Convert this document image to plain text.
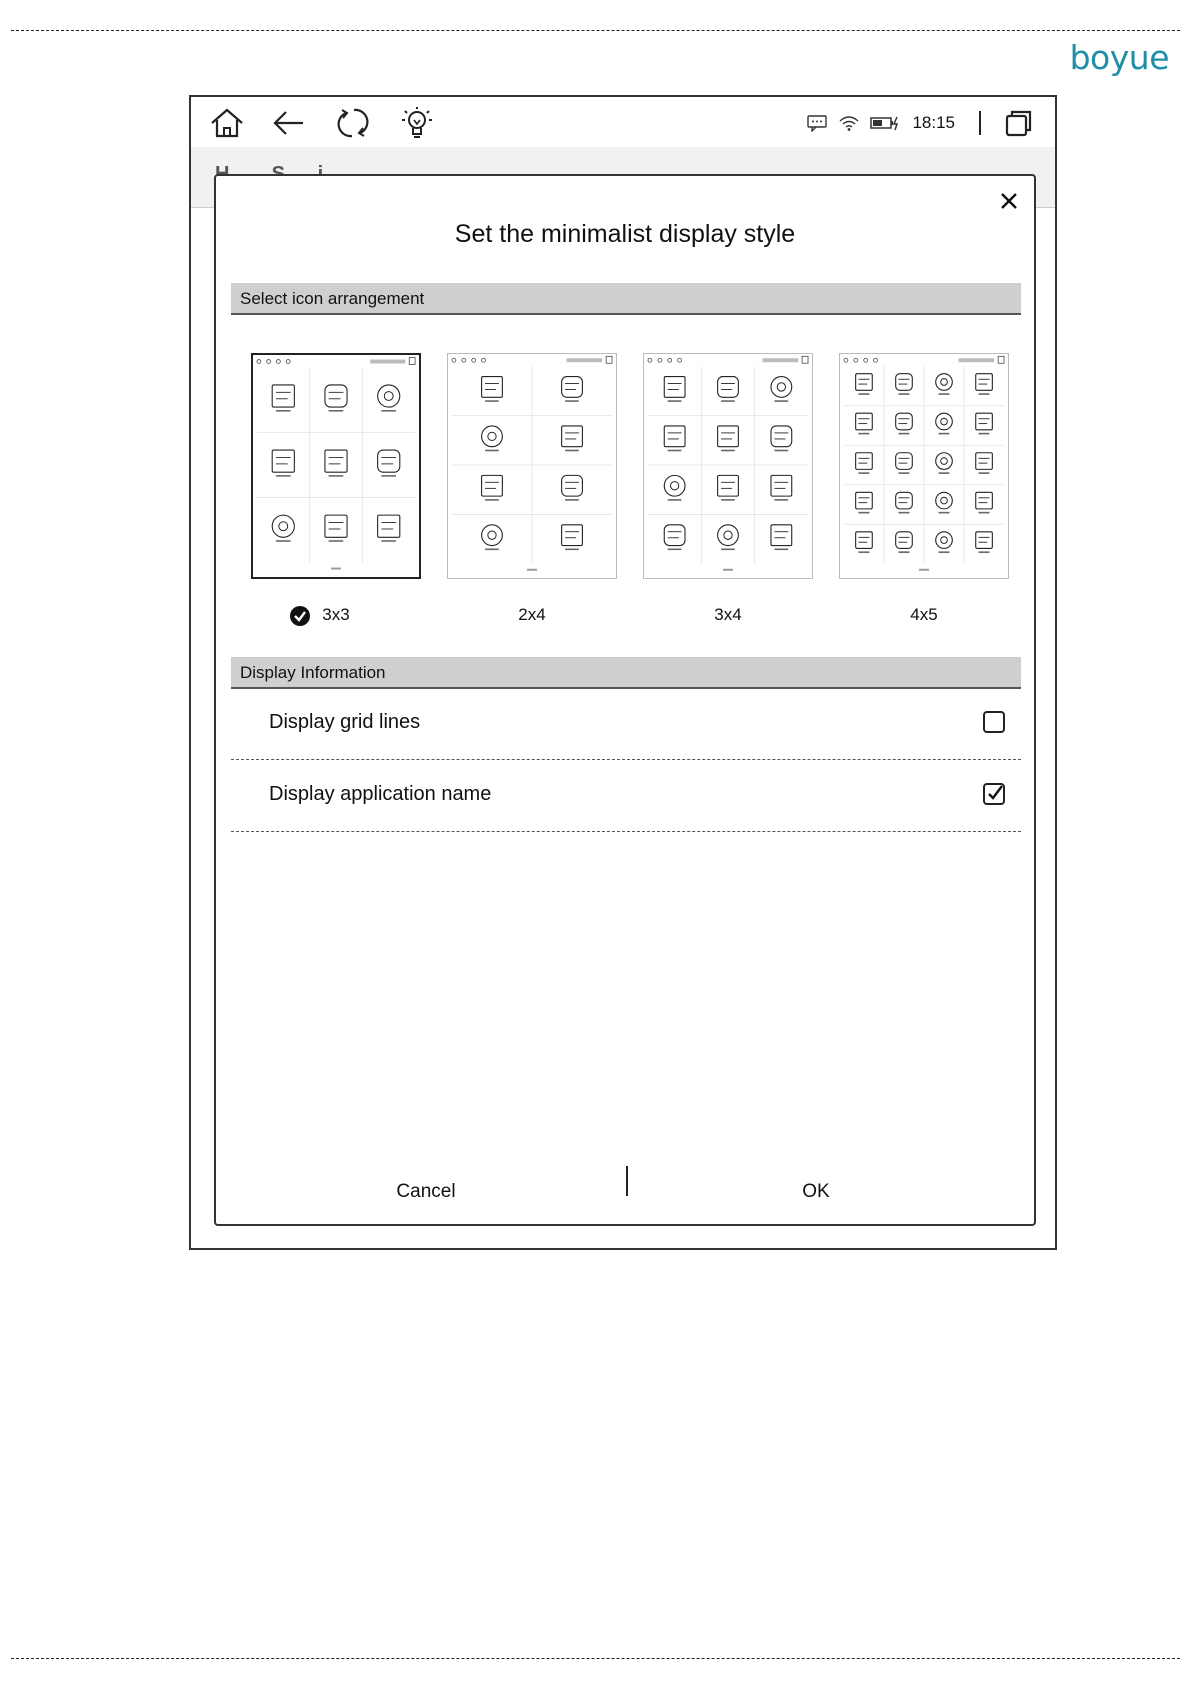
boyue
18:15
Set the minimalist display style
Select icon arrangement
3x3	2x4	3x4	4x5
Display Information
Display grid lines
Display application name
Cancel	OK
